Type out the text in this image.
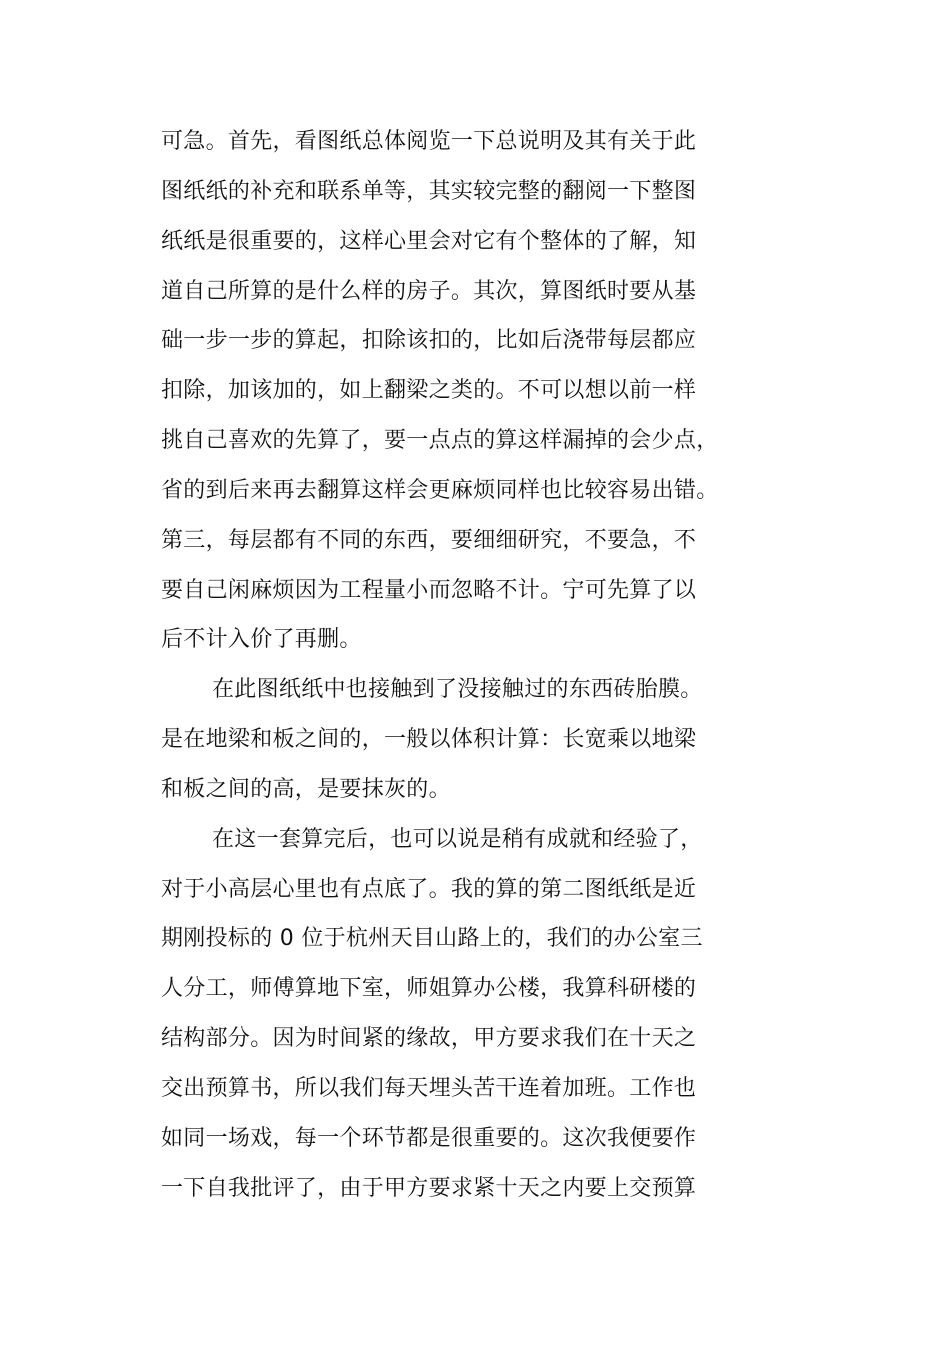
可急。首先，看图纸总体阅览一下总说明及其有关于此
图纸纸的补充和联系单等，其实较完整的翻阅一下整图
纸纸是很重要的，这样心里会对它有个整体的了解，知
道自己所算的是什么样的房子。其次，算图纸时要从基
础一步一步的算起，扣除该扣的，比如后浇带每层都应
扣除，加该加的，如上翻梁之类的。不可以想以前一样
挑自己喜欢的先算了，要一点点的算这样漏掉的会少点，
省的到后来再去翻算这样会更麻烦同样也比较容易出错。
第三，每层都有不同的东西，要细细研究，不要急，不
要自己闲麻烦因为工程量小而忽略不计。宁可先算了以
后不计入价了再删。
在此图纸纸中也接触到了没接触过的东西砖胎膜。
是在地梁和板之间的，一般以体积计算：长宽乘以地梁
和板之间的高，是要抹灰的。
在这一套算完后，也可以说是稍有成就和经验了，
对于小高层心里也有点底了。我的算的第二图纸纸是近
期刚投标的 0 位于杭州天目山路上的，我们的办公室三
人分工，师傅算地下室，师姐算办公楼，我算科研楼的
结构部分。因为时间紧的缘故，甲方要求我们在十天之
交出预算书，所以我们每天埋头苦干连着加班。工作也
如同一场戏，每一个环节都是很重要的。这次我便要作
一下自我批评了，由于甲方要求紧十天之内要上交预算
